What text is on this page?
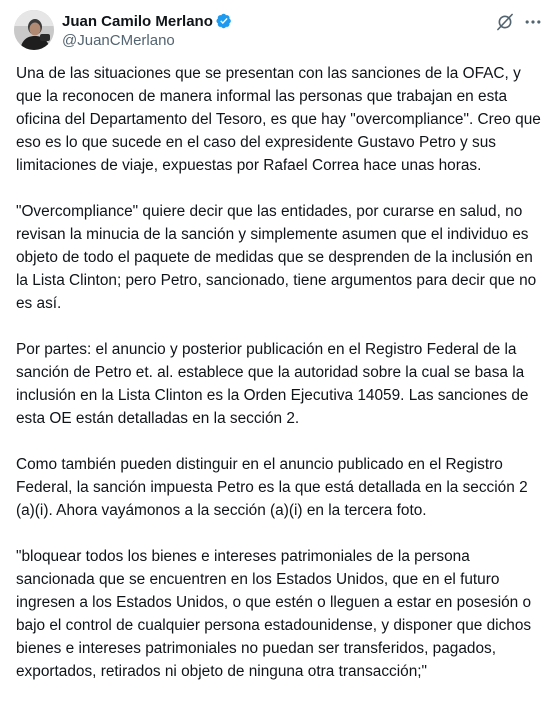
Juan Camilo Merlano
@JuanCMerlano

Una de las situaciones que se presentan con las sanciones de la OFAC, y que la reconocen de manera informal las personas que trabajan en esta oficina del Departamento del Tesoro, es que hay "overcompliance". Creo que eso es lo que sucede en el caso del expresidente Gustavo Petro y sus limitaciones de viaje, expuestas por Rafael Correa hace unas horas.

"Overcompliance" quiere decir que las entidades, por curarse en salud, no revisan la minucia de la sanción y simplemente asumen que el individuo es objeto de todo el paquete de medidas que se desprenden de la inclusión en la Lista Clinton; pero Petro, sancionado, tiene argumentos para decir que no es así.

Por partes: el anuncio y posterior publicación en el Registro Federal de la sanción de Petro et. al. establece que la autoridad sobre la cual se basa la inclusión en la Lista Clinton es la Orden Ejecutiva 14059. Las sanciones de esta OE están detalladas en la sección 2.

Como también pueden distinguir en el anuncio publicado en el Registro Federal, la sanción impuesta Petro es la que está detallada en la sección 2 (a)(i). Ahora vayámonos a la sección (a)(i) en la tercera foto.

"bloquear todos los bienes e intereses patrimoniales de la persona sancionada que se encuentren en los Estados Unidos, que en el futuro ingresen a los Estados Unidos, o que estén o lleguen a estar en posesión o bajo el control de cualquier persona estadounidense, y disponer que dichos bienes e intereses patrimoniales no puedan ser transferidos, pagados, exportados, retirados ni objeto de ninguna otra transacción;"
